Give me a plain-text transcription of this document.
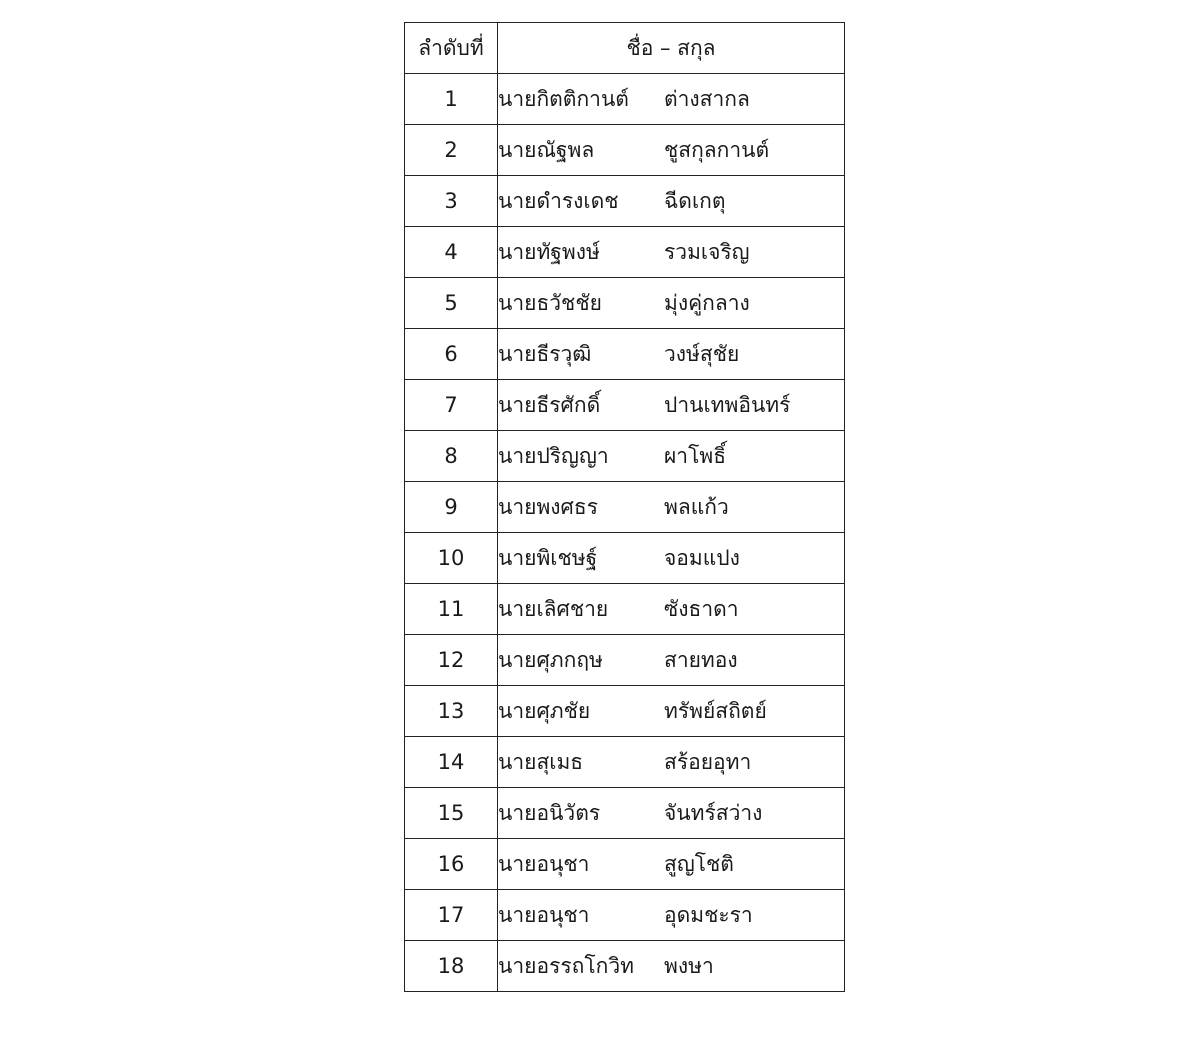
ลำดับที่	ชื่อ – สกุล
1	นายกิตติกานต์ ต่างสากล
2	นายณัฐพล ชูสกุลกานต์
3	นายดำรงเดช ฉีดเกตุ
4	นายทัฐพงษ์ รวมเจริญ
5	นายธวัชชัย มุ่งคู่กลาง
6	นายธีรวุฒิ วงษ์สุชัย
7	นายธีรศักดิ์ ปานเทพอินทร์
8	นายปริญญา ผาโพธิ์
9	นายพงศธร พลแก้ว
10	นายพิเชษฐ์ จอมแปง
11	นายเลิศชาย ซังธาดา
12	นายศุภกฤษ สายทอง
13	นายศุภชัย ทรัพย์สถิตย์
14	นายสุเมธ สร้อยอุทา
15	นายอนิวัตร จันทร์สว่าง
16	นายอนุชา สูญโชติ
17	นายอนุชา อุดมชะรา
18	นายอรรถโกวิท พงษา
